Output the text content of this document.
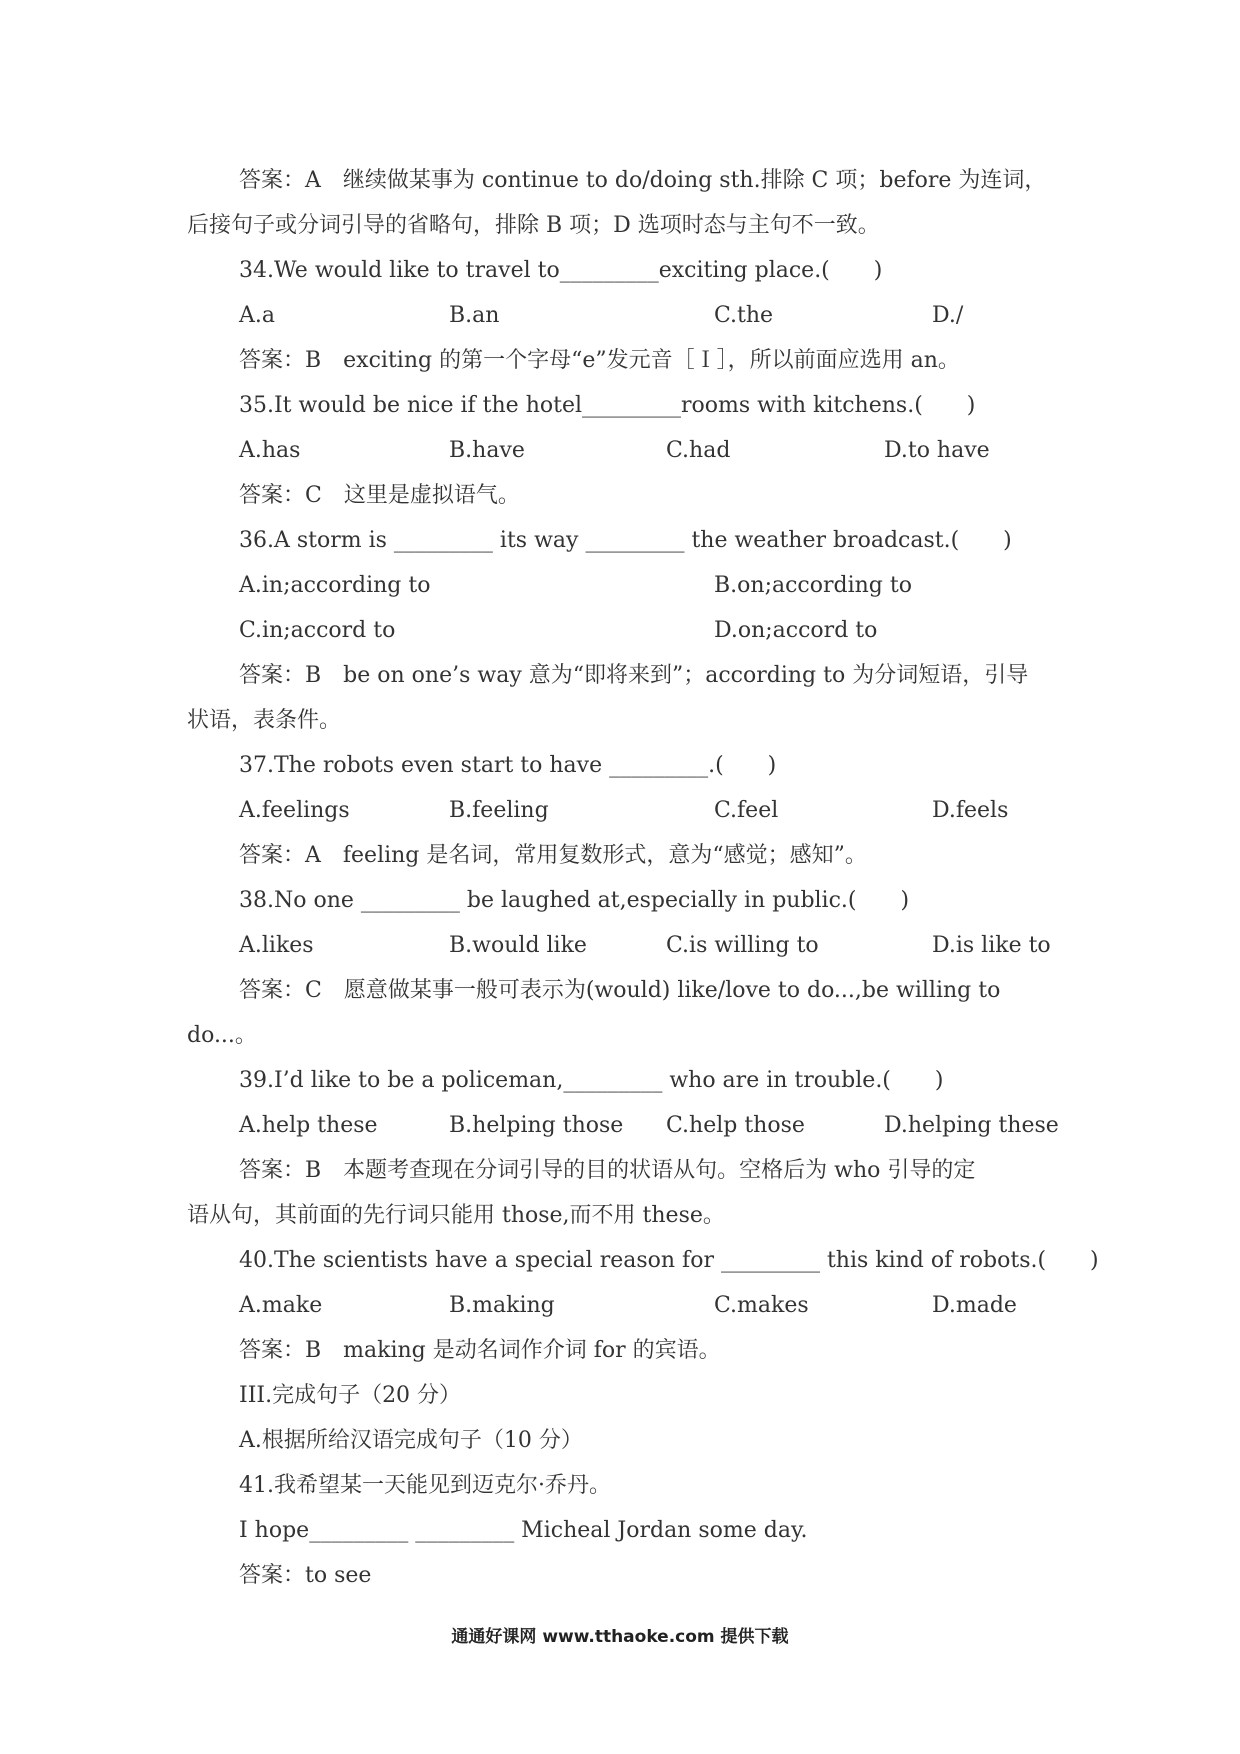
答案：A　继续做某事为 continue to do/doing sth.排除 C 项；before 为连词，
后接句子或分词引导的省略句，排除 B 项；D 选项时态与主句不一致。
34.We would like to travel to_________exciting place.(　　)
A.a	B.an	C.the	D./
答案：B　exciting 的第一个字母“e”发元音［Ｉ］，所以前面应选用 an。
35.It would be nice if the hotel_________rooms with kitchens.(　　)
A.has	B.have	C.had	D.to have
答案：C　这里是虚拟语气。
36.A storm is _________ its way _________ the weather broadcast.(　　)
A.in;according to	B.on;according to
C.in;accord to	D.on;accord to
答案：B　be on one’s way 意为“即将来到”；according to 为分词短语，引导
状语，表条件。
37.The robots even start to have _________.(　　)
A.feelings	B.feeling	C.feel	D.feels
答案：A　feeling 是名词，常用复数形式，意为“感觉；感知”。
38.No one _________ be laughed at,especially in public.(　　)
A.likes	B.would like	C.is willing to	D.is like to
答案：C　愿意做某事一般可表示为(would) like/love to do...,be willing to
do...。
39.I’d like to be a policeman,_________ who are in trouble.(　　)
A.help these	B.helping those C.help those	D.helping these
答案：B　本题考查现在分词引导的目的状语从句。空格后为 who 引导的定
语从句，其前面的先行词只能用 those,而不用 these。
40.The scientists have a special reason for _________ this kind of robots.(　　)
A.make	B.making	C.makes	D.made
答案：B　making 是动名词作介词 for 的宾语。
III.完成句子（20 分）
A.根据所给汉语完成句子（10 分）
41.我希望某一天能见到迈克尔·乔丹。
I hope_________ _________ Micheal Jordan some day.
答案：to see
通通好课网 www.tthaoke.com 提供下载
